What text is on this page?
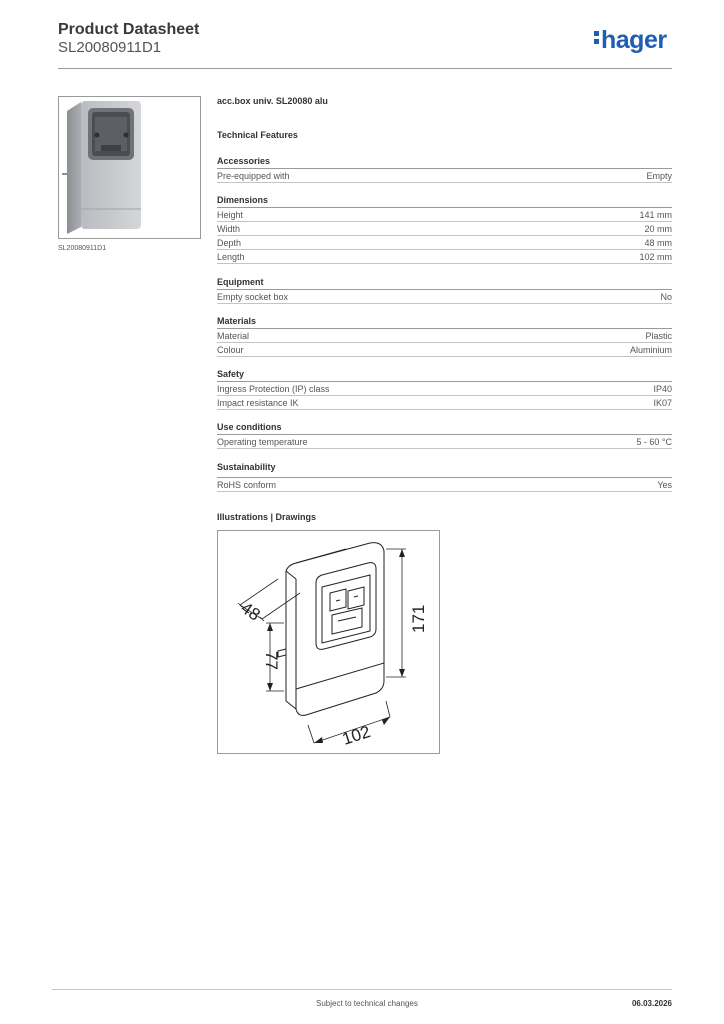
Product Datasheet
SL20080911D1	hager
SL20080911D1
acc.box univ. SL20080 alu
Technical Features
Accessories
Pre-equipped with	Empty
Dimensions
Height	141 mm
Width	20 mm
Depth	48 mm
Length	102 mm
Equipment
Empty socket box	No
Materials
Material	Plastic
Colour	Aluminium
Safety
Ingress Protection (IP) class	IP40
Impact resistance IK	IK07
Use conditions
Operating temperature	5 - 60 °C
Sustainability
RoHS conform	Yes
Illustrations | Drawings
48
77
171
102
Subject to technical changes	06.03.2026
